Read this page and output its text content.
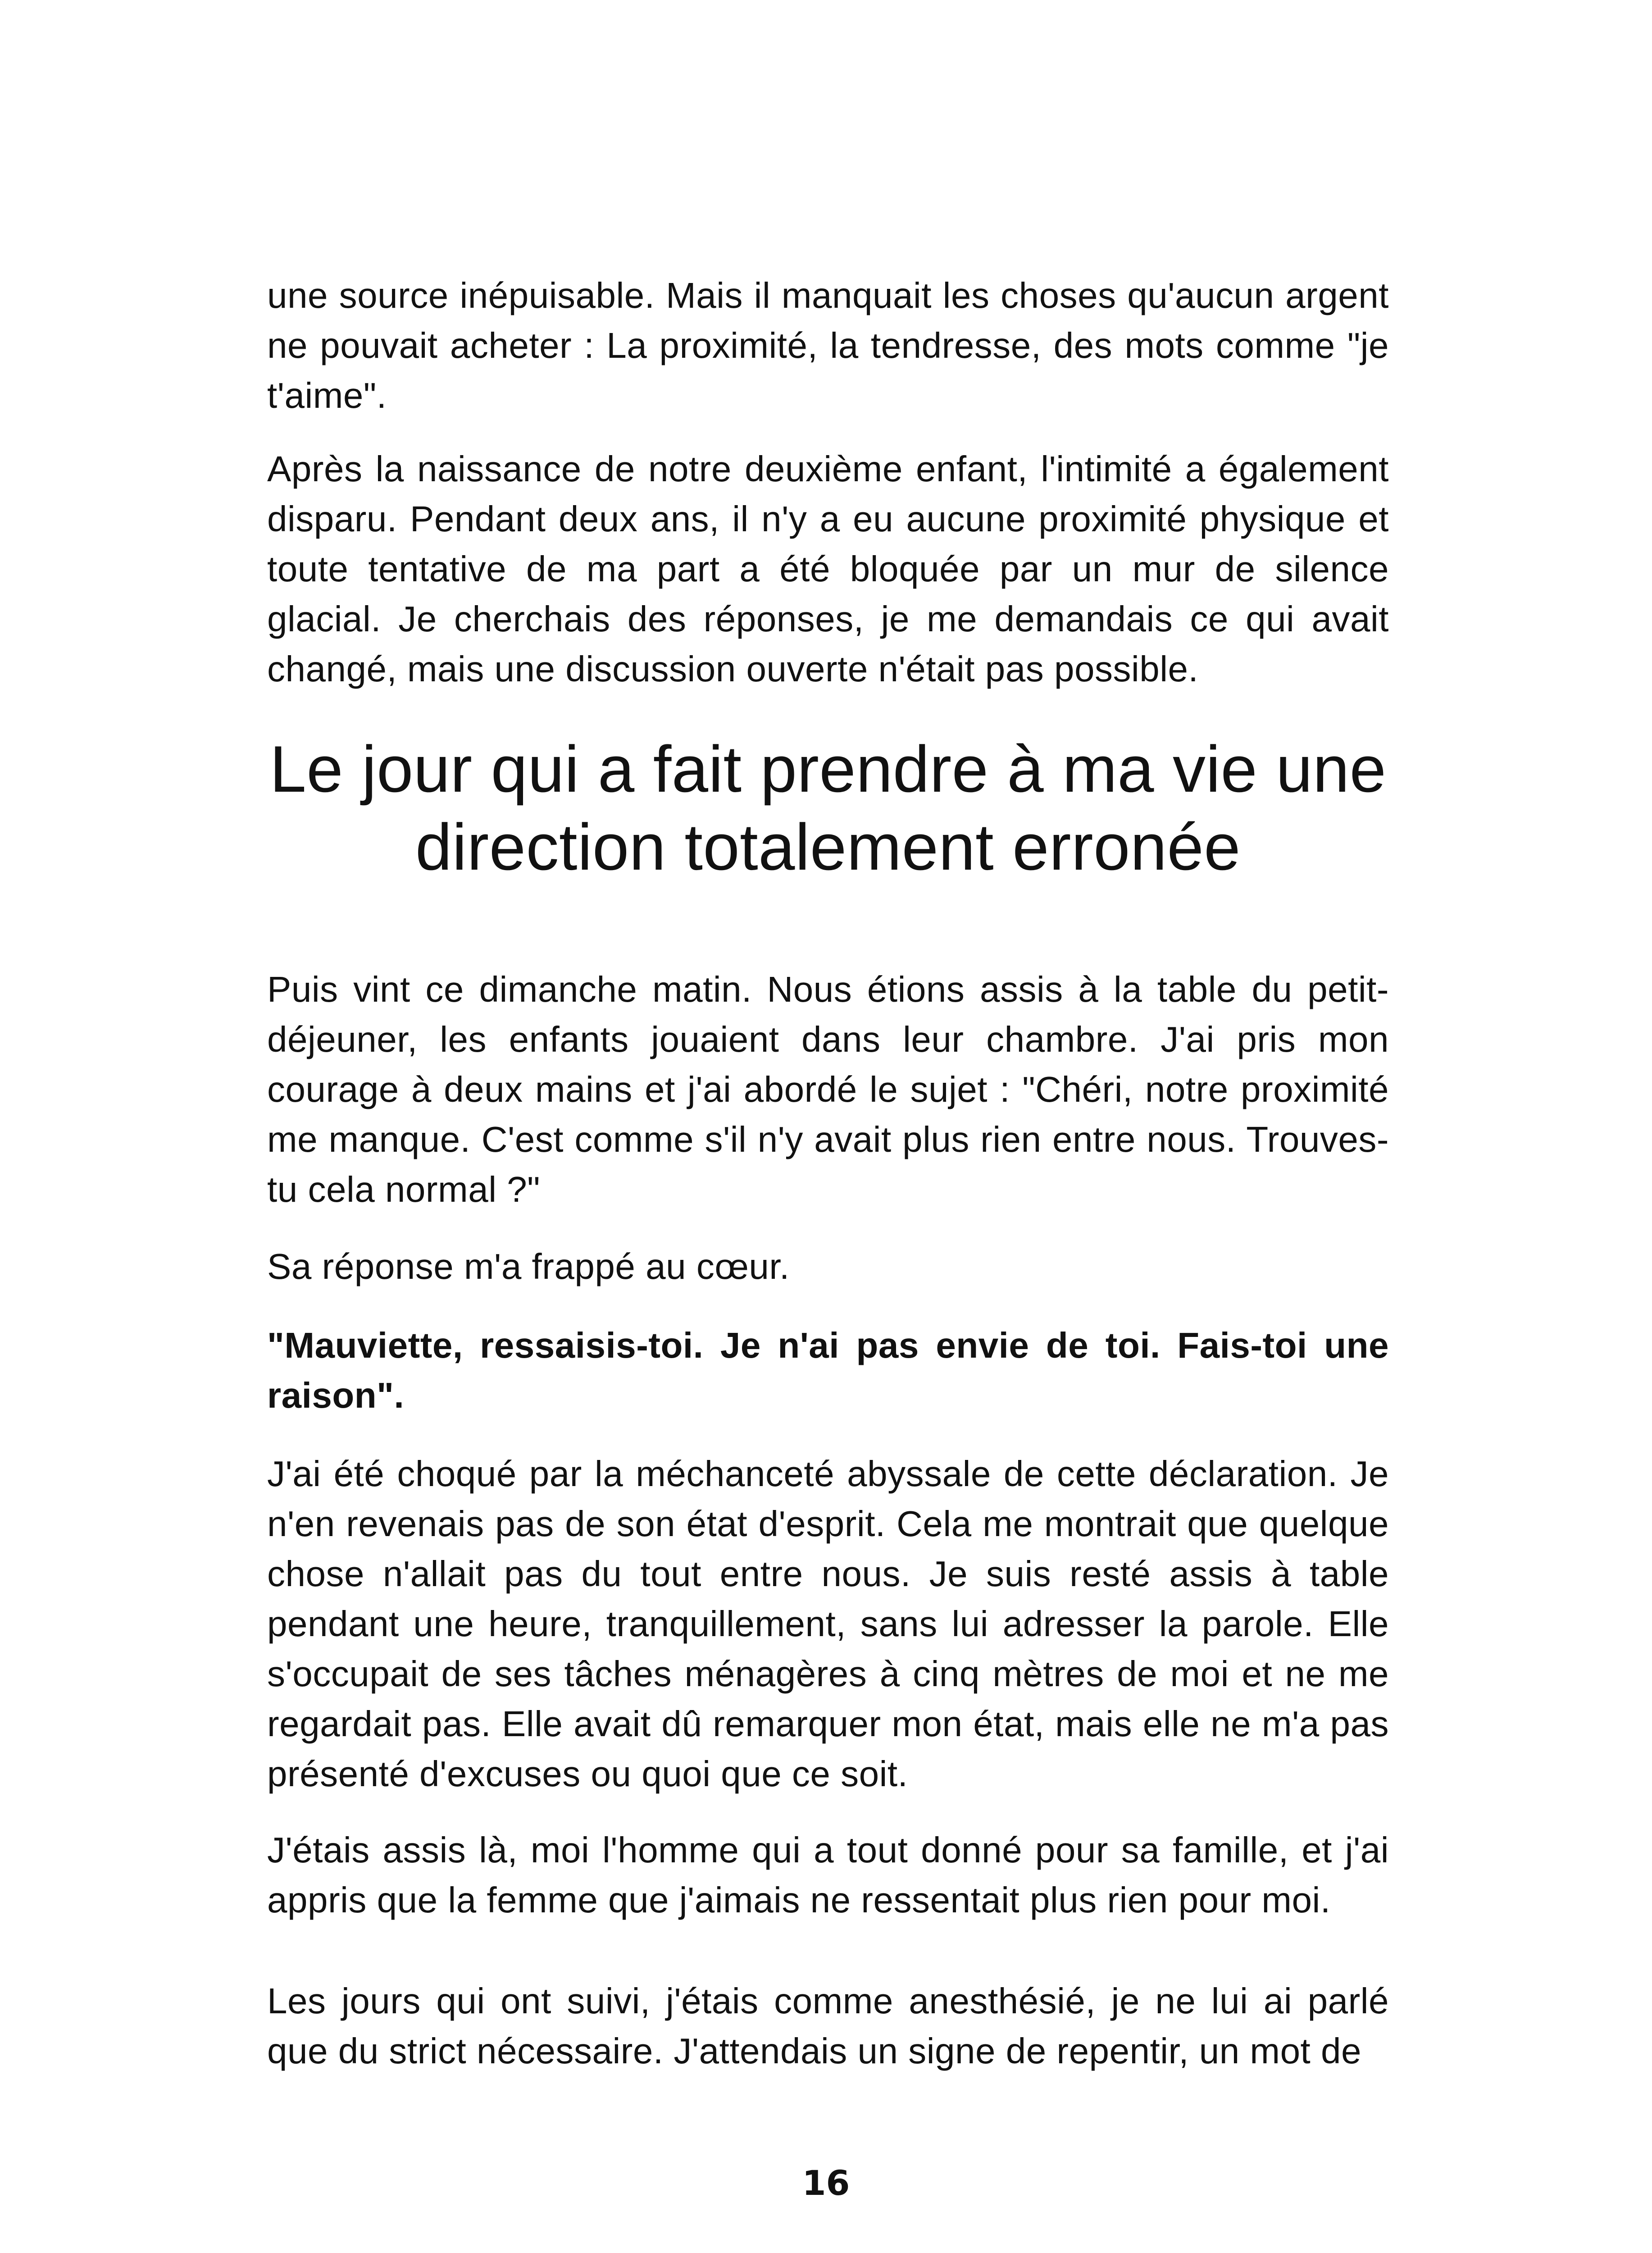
une source inépuisable. Mais il manquait les choses qu'aucun argent ne pouvait acheter : La proximité, la tendresse, des mots comme "je t'aime".

Après la naissance de notre deuxième enfant, l'intimité a également disparu. Pendant deux ans, il n'y a eu aucune proximité physique et toute tentative de ma part a été bloquée par un mur de silence glacial. Je cherchais des réponses, je me demandais ce qui avait changé, mais une discussion ouverte n'était pas possible.

Le jour qui a fait prendre à ma vie une direction totalement erronée

Puis vint ce dimanche matin. Nous étions assis à la table du petit-déjeuner, les enfants jouaient dans leur chambre. J'ai pris mon courage à deux mains et j'ai abordé le sujet : "Chéri, notre proximité me manque. C'est comme s'il n'y avait plus rien entre nous. Trouves-tu cela normal ?"

Sa réponse m'a frappé au cœur.

"Mauviette, ressaisis-toi. Je n'ai pas envie de toi. Fais-toi une raison".

J'ai été choqué par la méchanceté abyssale de cette déclaration. Je n'en revenais pas de son état d'esprit. Cela me montrait que quelque chose n'allait pas du tout entre nous. Je suis resté assis à table pendant une heure, tranquillement, sans lui adresser la parole. Elle s'occupait de ses tâches ménagères à cinq mètres de moi et ne me regardait pas. Elle avait dû remarquer mon état, mais elle ne m'a pas présenté d'excuses ou quoi que ce soit.

J'étais assis là, moi l'homme qui a tout donné pour sa famille, et j'ai appris que la femme que j'aimais ne ressentait plus rien pour moi.

Les jours qui ont suivi, j'étais comme anesthésié, je ne lui ai parlé que du strict nécessaire. J'attendais un signe de repentir, un mot de

16
